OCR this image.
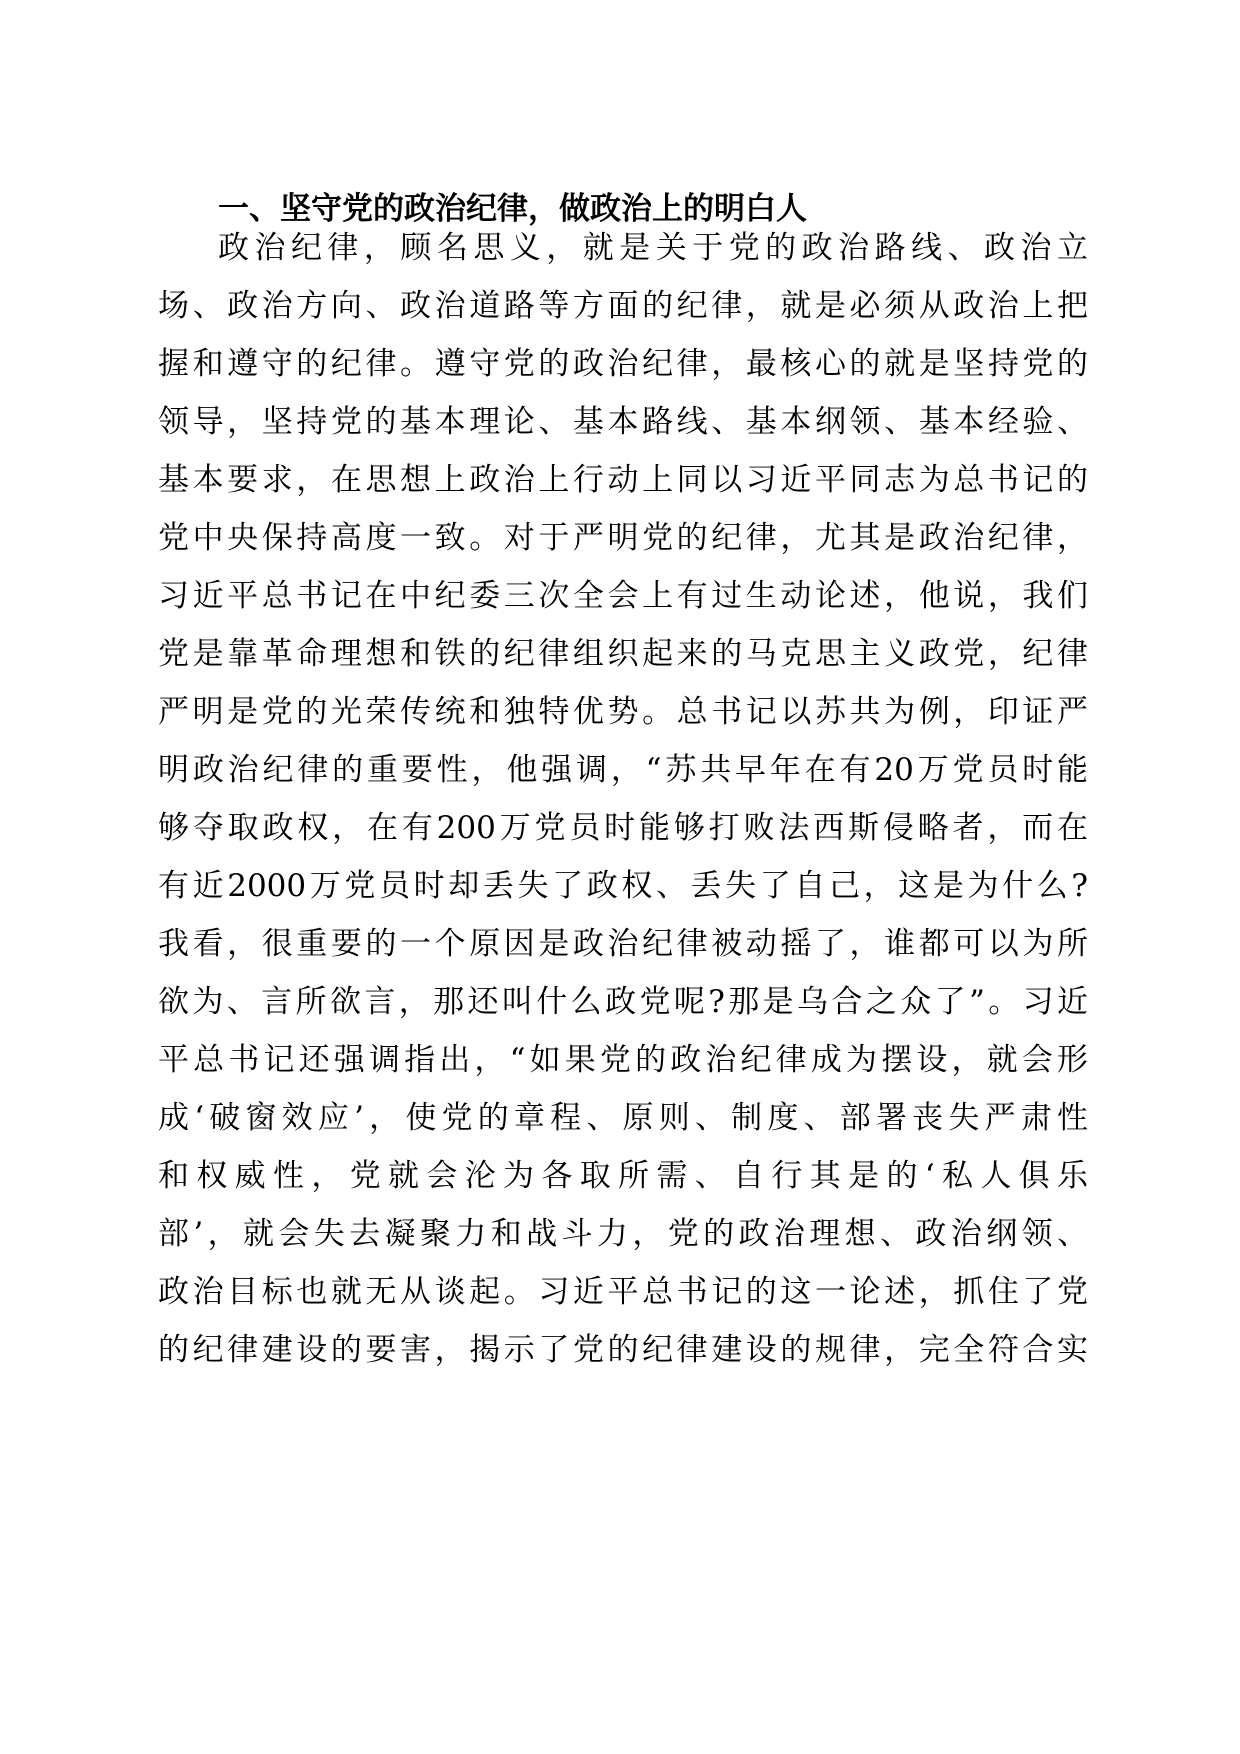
一、坚守党的政治纪律，做政治上的明白人
政治纪律，顾名思义，就是关于党的政治路线、政治立
场、政治方向、政治道路等方面的纪律，就是必须从政治上把
握和遵守的纪律。遵守党的政治纪律，最核心的就是坚持党的
领导，坚持党的基本理论、基本路线、基本纲领、基本经验、
基本要求，在思想上政治上行动上同以习近平同志为总书记的
党中央保持高度一致。对于严明党的纪律，尤其是政治纪律，
习近平总书记在中纪委三次全会上有过生动论述，他说，我们
党是靠革命理想和铁的纪律组织起来的马克思主义政党，纪律
严明是党的光荣传统和独特优势。总书记以苏共为例，印证严
明政治纪律的重要性，他强调，“苏共早年在有20万党员时能
够夺取政权，在有200万党员时能够打败法西斯侵略者，而在
有近2000万党员时却丢失了政权、丢失了自己，这是为什么?
我看，很重要的一个原因是政治纪律被动摇了，谁都可以为所
欲为、言所欲言，那还叫什么政党呢?那是乌合之众了”。习近
平总书记还强调指出，“如果党的政治纪律成为摆设，就会形
成‘破窗效应’，使党的章程、原则、制度、部署丧失严肃性
和权威性，党就会沦为各取所需、自行其是的‘私人俱乐
部’，就会失去凝聚力和战斗力，党的政治理想、政治纲领、
政治目标也就无从谈起。习近平总书记的这一论述，抓住了党
的纪律建设的要害，揭示了党的纪律建设的规律，完全符合实
